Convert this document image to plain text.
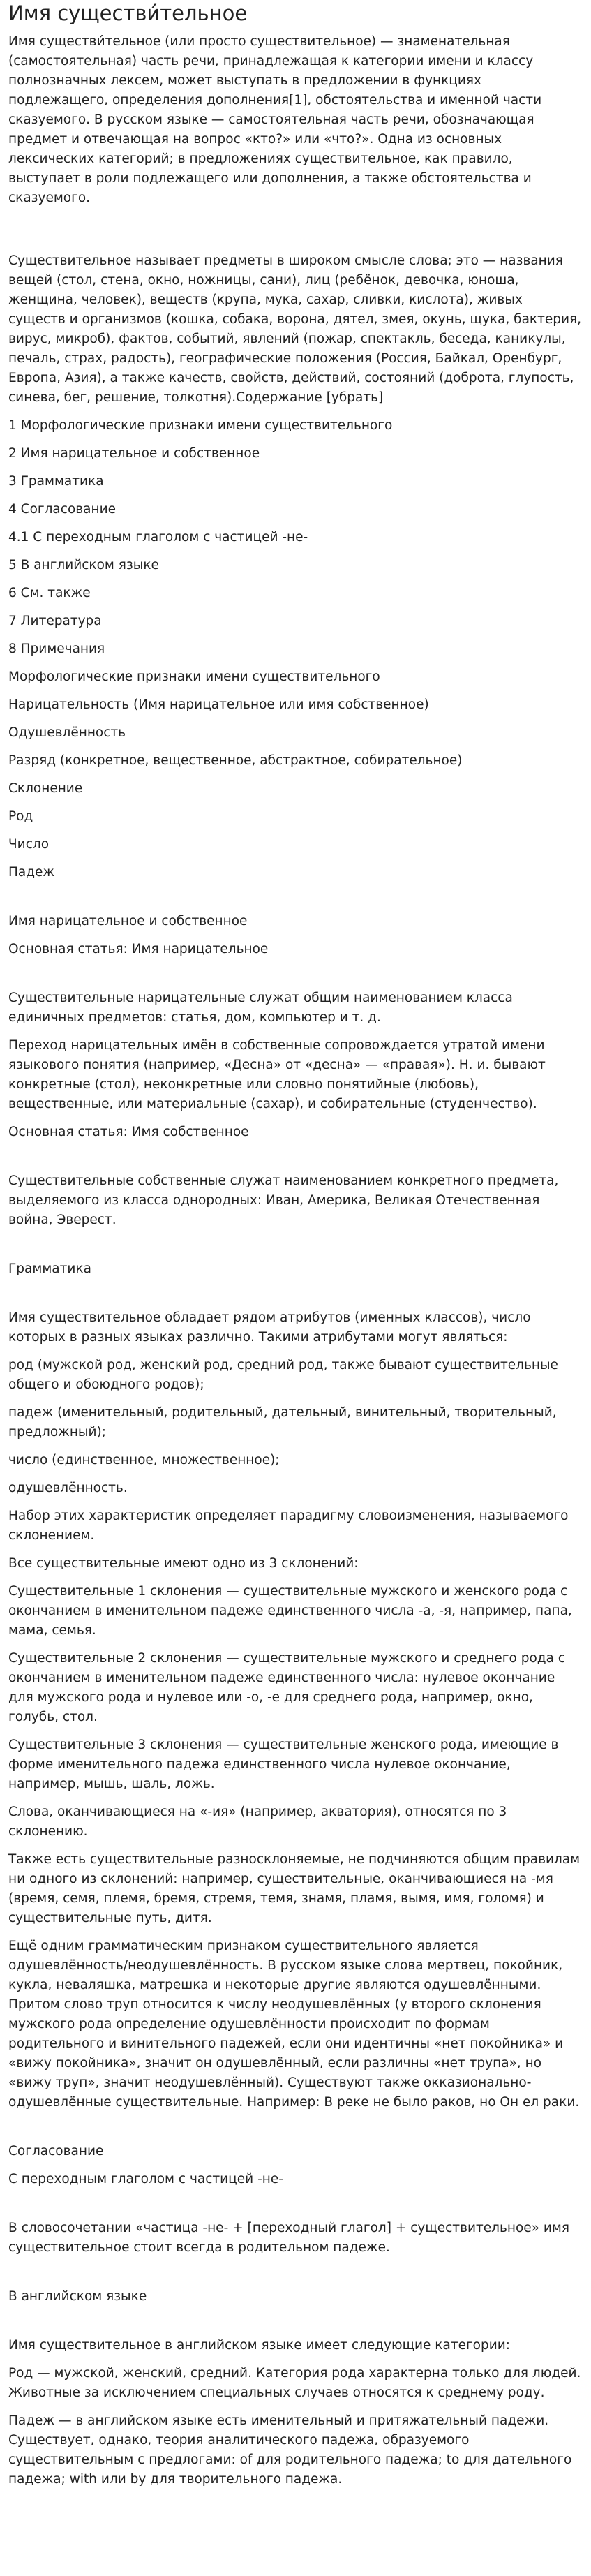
Имя существи́тельное

Имя существи́тельное (или просто существительное) — знаменательная (самостоятельная) часть речи, принадлежащая к категории имени и классу полнозначных лексем, может выступать в предложении в функциях подлежащего, определения дополнения[1], обстоятельства и именной части сказуемого. В русском языке — самостоятельная часть речи, обозначающая предмет и отвечающая на вопрос «кто?» или «что?». Одна из основных лексических категорий; в предложениях существительное, как правило, выступает в роли подлежащего или дополнения, а также обстоятельства и сказуемого.

Существительное называет предметы в широком смысле слова; это — названия вещей (стол, стена, окно, ножницы, сани), лиц (ребёнок, девочка, юноша, женщина, человек), веществ (крупа, мука, сахар, сливки, кислота), живых существ и организмов (кошка, собака, ворона, дятел, змея, окунь, щука, бактерия, вирус, микроб), фактов, событий, явлений (пожар, спектакль, беседа, каникулы, печаль, страх, радость), географические положения (Россия, Байкал, Оренбург, Европа, Азия), а также качеств, свойств, действий, состояний (доброта, глупость, синева, бег, решение, толкотня).Содержание [убрать]

1 Морфологические признаки имени существительного

2 Имя нарицательное и собственное

3 Грамматика

4 Согласование

4.1 С переходным глаголом с частицей -не-

5 В английском языке

6 См. также

7 Литература

8 Примечания

Морфологические признаки имени существительного

Нарицательность (Имя нарицательное или имя собственное)

Одушевлённость

Разряд (конкретное, вещественное, абстрактное, собирательное)

Склонение

Род

Число

Падеж

Имя нарицательное и собственное

Основная статья: Имя нарицательное

Существительные нарицательные служат общим наименованием класса единичных предметов: статья, дом, компьютер и т. д.

Переход нарицательных имён в собственные сопровождается утратой имени языкового понятия (например, «Десна» от «десна» — «правая»). Н. и. бывают конкретные (стол), неконкретные или словно понятийные (любовь), вещественные, или материальные (сахар), и собирательные (студенчество).

Основная статья: Имя собственное

Существительные собственные служат наименованием конкретного предмета, выделяемого из класса однородных: Иван, Америка, Великая Отечественная война, Эверест.

Грамматика

Имя существительное обладает рядом атрибутов (именных классов), число которых в разных языках различно. Такими атрибутами могут являться:

род (мужской род, женский род, средний род, также бывают существительные общего и обоюдного родов);

падеж (именительный, родительный, дательный, винительный, творительный, предложный);

число (единственное, множественное);

одушевлённость.

Набор этих характеристик определяет парадигму словоизменения, называемого склонением.

Все существительные имеют одно из 3 склонений:

Существительные 1 склонения — существительные мужского и женского рода с окончанием в именительном падеже единственного числа -а, -я, например, папа, мама, семья.

Существительные 2 склонения — существительные мужского и среднего рода с окончанием в именительном падеже единственного числа: нулевое окончание для мужского рода и нулевое или -о, -е для среднего рода, например, окно, голубь, стол.

Существительные 3 склонения — существительные женского рода, имеющие в форме именительного падежа единственного числа нулевое окончание, например, мышь, шаль, ложь.

Слова, оканчивающиеся на «-ия» (например, акватория), относятся по 3 склонению.

Также есть существительные разносклоняемые, не подчиняются общим правилам ни одного из склонений: например, существительные, оканчивающиеся на -мя (время, семя, племя, бремя, стремя, темя, знамя, пламя, вымя, имя, голомя) и существительные путь, дитя.

Ещё одним грамматическим признаком существительного является одушевлённость/неодушевлённость. В русском языке слова мертвец, покойник, кукла, неваляшка, матрешка и некоторые другие являются одушевлёнными. Притом слово труп относится к числу неодушевлённых (у второго склонения мужского рода определение одушевлённости происходит по формам родительного и винительного падежей, если они идентичны «нет покойника» и «вижу покойника», значит он одушевлённый, если различны «нет трупа», но «вижу труп», значит неодушевлённый). Существуют также окказионально-одушевлённые существительные. Например: В реке не было раков, но Он ел раки.

Согласование

С переходным глаголом с частицей -не-

В словосочетании «частица -не- + [переходный глагол] + существительное» имя существительное стоит всегда в родительном падеже.

В английском языке

Имя существительное в английском языке имеет следующие категории:

Род — мужской, женский, средний. Категория рода характерна только для людей. Животные за исключением специальных случаев относятся к среднему роду.

Падеж — в английском языке есть именительный и притяжательный падежи. Существует, однако, теория аналитического падежа, образуемого существительным с предлогами: of для родительного падежа; to для дательного падежа; with или by для творительного падежа.
